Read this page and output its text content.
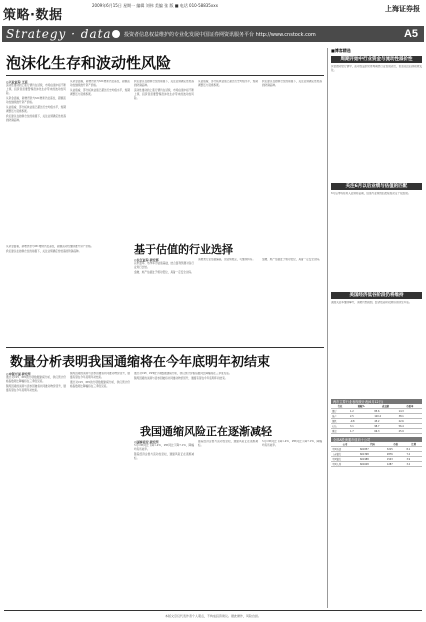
策略·数据
2009年6月15日 星期一 编辑 刘伟 美编 张 版 ■ 电话 010-58835xxx	上海证券报
Strategy · data 投资者信息权益维护的专业化发展中国证券网资讯服务平台 http://www.cnstock.com	A5
泡沫化生存和波动性风险
◎兴业证券 王君

流动性推动的上涨行情仍在延续，市场估值中枢不断上移，投资者需要警惕泡沫化生存带来的波动性风险。

从资金面看，新增贷款与M1增速仍处高位，超额流动性继续推升资产价格。

从估值看，部分板块估值已超过历史均值水平，短期调整压力逐渐积累。

我们建议在控制仓位的前提下，关注业绩确定性较高的防御品种。

从资金面看，新增贷款与M1增速仍处高位，超额流动性继续推升资产价格。

从估值看，部分板块估值已超过历史均值水平，短期调整压力逐渐积累。

我们建议在控制仓位的前提下，关注业绩确定性较高的防御品种。

流动性推动的上涨行情仍在延续，市场估值中枢不断上移，投资者需要警惕泡沫化生存带来的波动性风险。

从估值看，部分板块估值已超过历史均值水平，短期调整压力逐渐积累。

我们建议在控制仓位的前提下，关注业绩确定性较高的防御品种。

基于估值的行业选择
◎长江证券 研究部

以市盈率、市净率为估值基础，结合盈利预测对各行业进行比较。

金融、地产估值处于相对低位，具备一定安全边际。

消费类行业估值偏高，但业绩稳定，可继续持有。	金融、地产估值处于相对低位，具备一定安全边际。

从资金面看，新增贷款与M1增速仍处高位，超额流动性继续推升资产价格。

我们建议在控制仓位的前提下，关注业绩确定性较高的防御品种。

数量分析表明我国通缩将在今年底明年初结束
◎申银万国 研究所

通过对CPI、PPI的分项数据建模分析，我们预计价格指数同比降幅将在三季度见底。

翘尾因素的消退与需求回暖将共同推动物价回升，通缩有望在今年底明年初结束。

翘尾因素的消退与需求回暖将共同推动物价回升，通缩有望在今年底明年初结束。

通过对CPI、PPI的分项数据建模分析，我们预计价格指数同比降幅将在三季度见底。

我国通缩风险正在逐渐减轻
◎国泰君安 研究所

5月CPI同比下降1.4%，PPI同比下降7.2%，降幅均有所收窄。

随着经济企稳与流动性宽松，通缩风险正在逐渐减轻。

随着经济企稳与流动性宽松，通缩风险正在逐渐减轻。

5月CPI同比下降1.4%，PPI同比下降7.2%，降幅均有所收窄。

通过对CPI、PPI的分项数据建模分析，我们预计价格指数同比降幅将在三季度见底。

翘尾因素的消退与需求回暖将共同推动物价回升，通缩有望在今年底明年初结束。

■博客精选
周期开始中行业资金与流动性溢价性
资金推动型行情中，流动性溢价使得周期类行业表现突出，但需关注后续政策变化。
关注6月以后业绩与估值的匹配
6月后市场将进入业绩验证期，估值与业绩的匹配程度决定个股表现。
美国经济低谷阶段仍将维持
美国失业率继续攀升，消费仍然疲弱，经济低谷阶段或将延续至年底。
两市主要行业表现统计表(6月12日)
行业	涨幅%	成交额	市盈率
银行	1.2	85.6	14.3
地产	2.5	120.4	38.1
钢铁	-0.8	45.2	22.6
有色	3.1	98.7	56.4
煤炭	1.7	66.3	25.9
全部A股流通市值前十公司
公司	代码	市值	比例
中国石油	601857	3215	8.1
工商银行	601398	2876	7.2
中国银行	601988	1543	3.9
中国人寿	601628	1287	3.2
本版文章仅代表作者个人观点，不构成投资建议。据此操作，风险自担。
